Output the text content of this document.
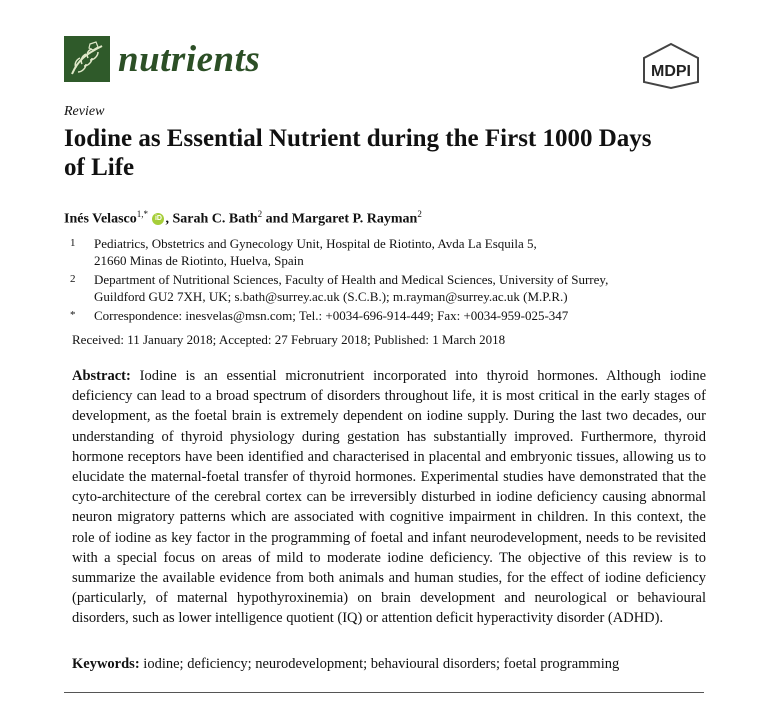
nutrients	MDPI
Review
Iodine as Essential Nutrient during the First 1000 Days of Life
Inés Velasco$^{1,*}$ iD , Sarah C. Bath$^2$ and Margaret P. Rayman$^2$
1 Pediatrics, Obstetrics and Gynecology Unit, Hospital de Riotinto, Avda La Esquila 5,
21660 Minas de Riotinto, Huelva, Spain
2 Department of Nutritional Sciences, Faculty of Health and Medical Sciences, University of Surrey,
Guildford GU2 7XH, UK; s.bath@surrey.ac.uk (S.C.B.); m.rayman@surrey.ac.uk (M.P.R.)
* Correspondence: inesvelas@msn.com; Tel.: +0034-696-914-449; Fax: +0034-959-025-347
Received: 11 January 2018; Accepted: 27 February 2018; Published: 1 March 2018
Abstract: Iodine is an essential micronutrient incorporated into thyroid hormones. Although iodine deficiency can lead to a broad spectrum of disorders throughout life, it is most critical in the early stages of development, as the foetal brain is extremely dependent on iodine supply. During the last two decades, our understanding of thyroid physiology during gestation has substantially improved. Furthermore, thyroid hormone receptors have been identified and characterised in placental and embryonic tissues, allowing us to elucidate the maternal-foetal transfer of thyroid hormones. Experimental studies have demonstrated that the cyto-architecture of the cerebral cortex can be irreversibly disturbed in iodine deficiency causing abnormal neuron migratory patterns which are associated with cognitive impairment in children. In this context, the role of iodine as key factor in the programming of foetal and infant neurodevelopment, needs to be revisited with a special focus on areas of mild to moderate iodine deficiency. The objective of this review is to summarize the available evidence from both animals and human studies, for the effect of iodine deficiency (particularly, of maternal hypothyroxinemia) on brain development and neurological or behavioural disorders, such as lower intelligence quotient (IQ) or attention deficit hyperactivity disorder (ADHD).
Keywords: iodine; deficiency; neurodevelopment; behavioural disorders; foetal programming
